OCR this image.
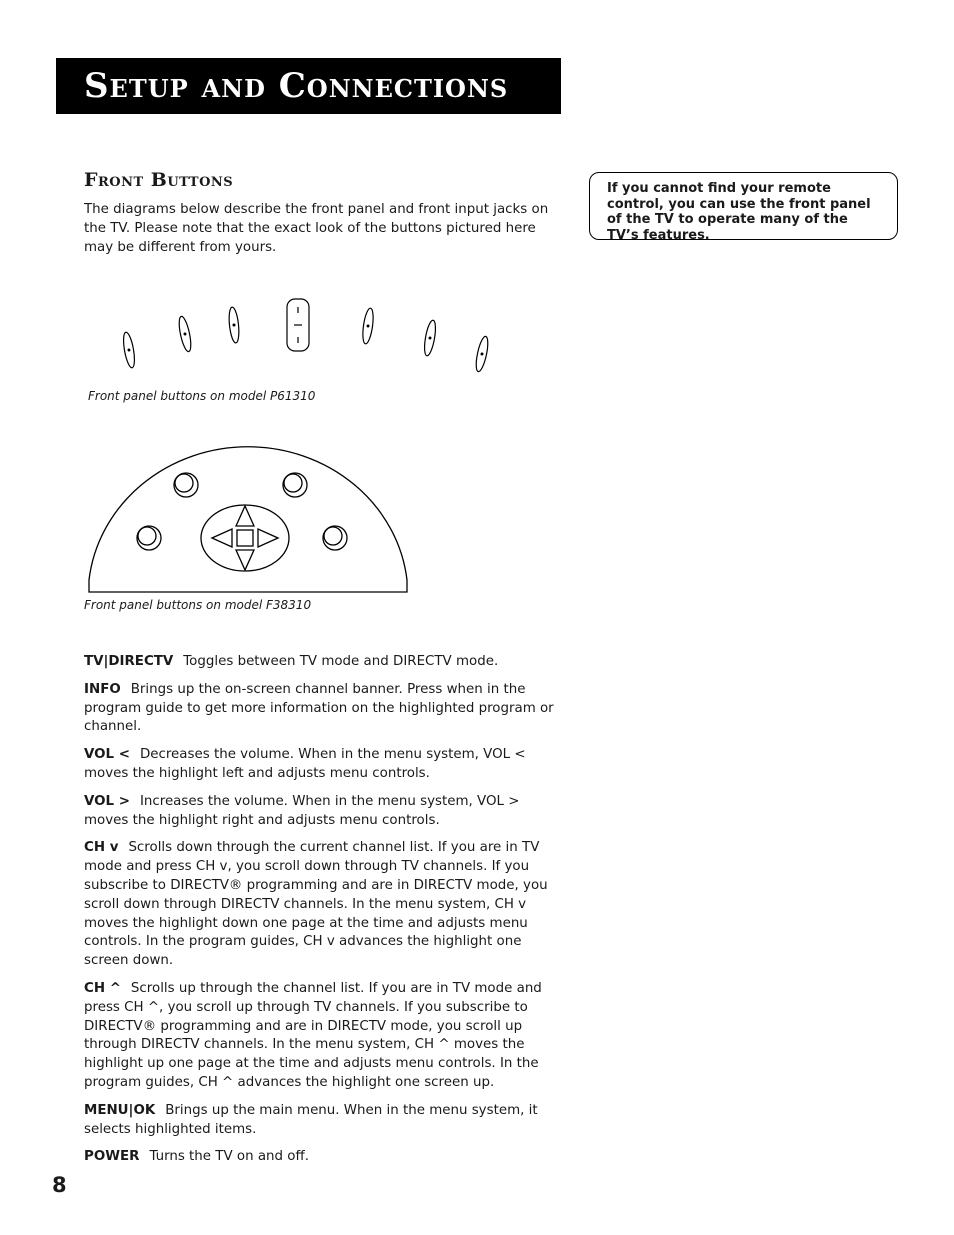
Setup and Connections
Front Buttons

The diagrams below describe the front panel and front input jacks on the TV. Please note that the exact look of the buttons pictured here may be different from yours.

If you cannot find your remote control, you can use the front panel of the TV to operate many of the TV’s features.
Front panel buttons on model P61310
Front panel buttons on model F38310

TV|DIRECTV Toggles between TV mode and DIRECTV mode.

INFO Brings up the on-screen channel banner. Press when in the program guide to get more information on the highlighted program or channel.

VOL < Decreases the volume. When in the menu system, VOL < moves the highlight left and adjusts menu controls.

VOL > Increases the volume. When in the menu system, VOL > moves the highlight right and adjusts menu controls.

CH v Scrolls down through the current channel list. If you are in TV mode and press CH v, you scroll down through TV channels. If you subscribe to DIRECTV® programming and are in DIRECTV mode, you scroll down through DIRECTV channels. In the menu system, CH v moves the highlight down one page at the time and adjusts menu controls. In the program guides, CH v advances the highlight one screen down.

CH ^ Scrolls up through the channel list. If you are in TV mode and press CH ^, you scroll up through TV channels. If you subscribe to DIRECTV® programming and are in DIRECTV mode, you scroll up through DIRECTV channels. In the menu system, CH ^ moves the highlight up one page at the time and adjusts menu controls. In the program guides, CH ^ advances the highlight one screen up.

MENU|OK Brings up the main menu. When in the menu system, it selects highlighted items.

POWER Turns the TV on and off.

8
